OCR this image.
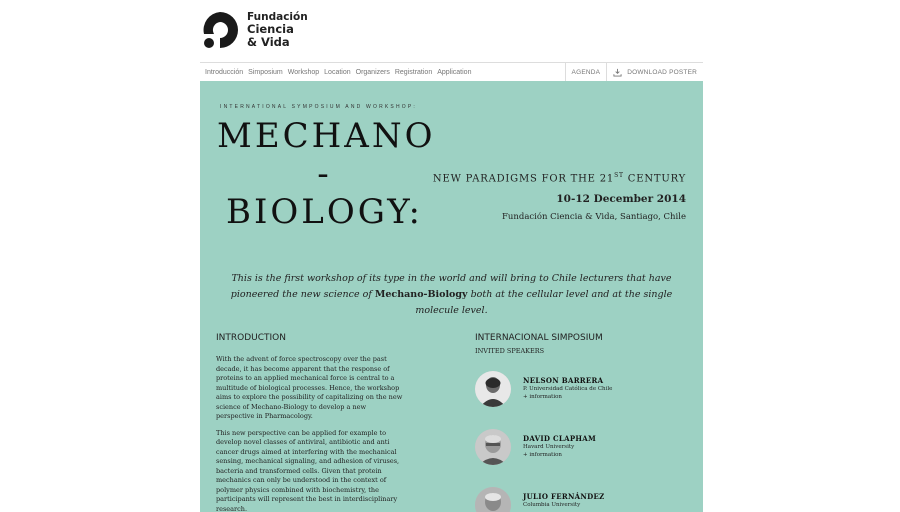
Fundación
Ciencia
& Vida
Introducción Simposium Workshop Location Organizers Registration Application	AGENDA	DOWNLOAD POSTER
INTERNATIONAL SYMPOSIUM AND WORKSHOP:
MECHANO
-
BIOLOGY:
NEW PARADIGMS FOR THE 21ST CENTURY
10-12 December 2014
Fundación Ciencia & Vida, Santiago, Chile
This is the first workshop of its type in the world and will bring to Chile lecturers that have pioneered the new science of Mechano-Biology both at the cellular level and at the single molecule level.
INTRODUCTION

With the advent of force spectroscopy over the past decade, it has become apparent that the response of proteins to an applied mechanical force is central to a multitude of biological processes. Hence, the workshop aims to explore the possibility of capitalizing on the new science of Mechano-Biology to develop a new perspective in Pharmacology.

This new perspective can be applied for example to develop novel classes of antiviral, antibiotic and anti cancer drugs aimed at interfering with the mechanical sensing, mechanical signaling, and adhesion of viruses, bacteria and transformed cells. Given that protein mechanics can only be understood in the context of polymer physics combined with biochemistry, the participants will represent the best in interdisciplinary research.

INTERNACIONAL SIMPOSIUM
INVITED SPEAKERS
NELSON BARRERA
P. Universidad Católica de Chile
+ information
DAVID CLAPHAM
Havard University
+ information
JULIO FERNÁNDEZ
Columbia University
